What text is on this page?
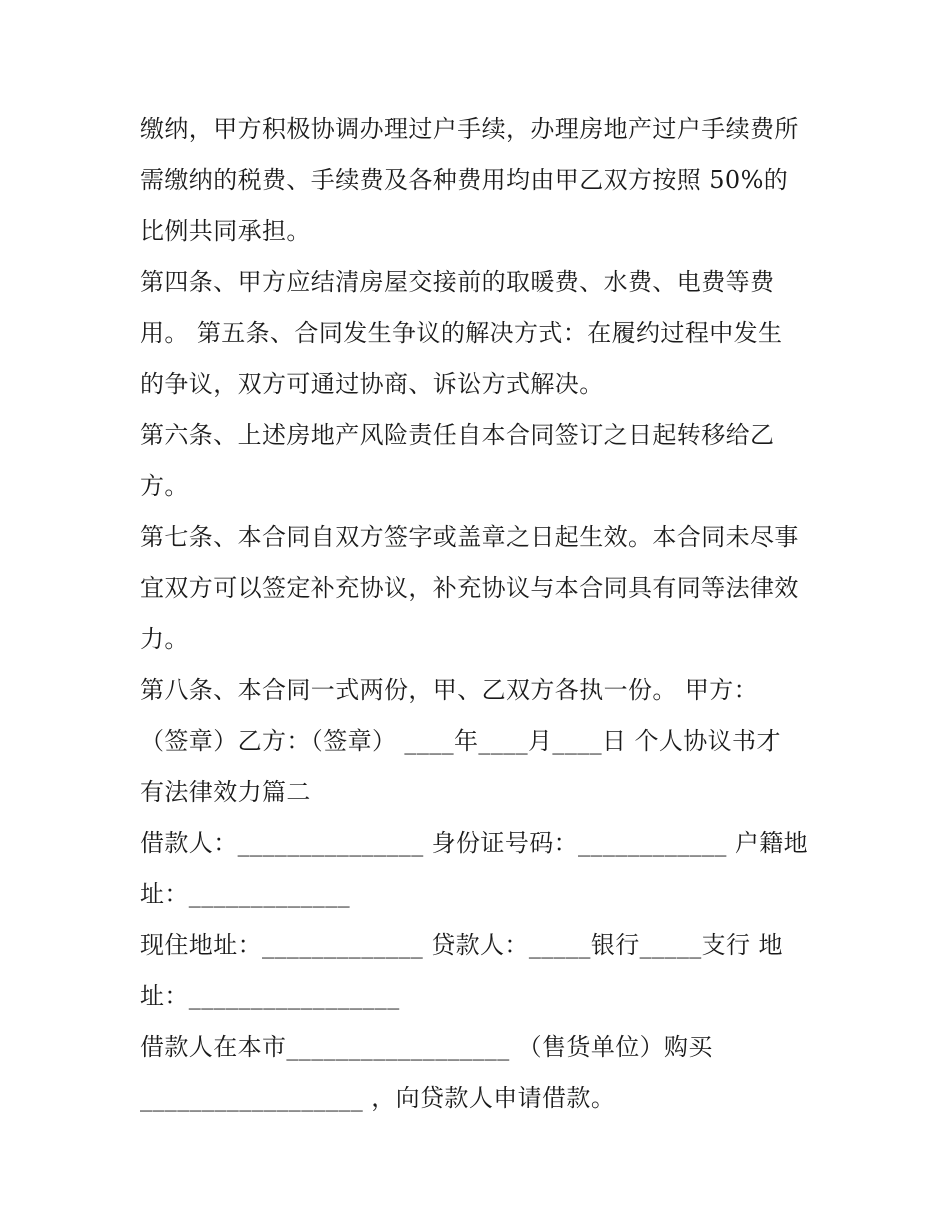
缴纳，甲方积极协调办理过户手续，办理房地产过户手续费所
需缴纳的税费、手续费及各种费用均由甲乙双方按照 50%的
比例共同承担。
第四条、甲方应结清房屋交接前的取暖费、水费、电费等费
用。 第五条、合同发生争议的解决方式：在履约过程中发生
的争议，双方可通过协商、诉讼方式解决。
第六条、上述房地产风险责任自本合同签订之日起转移给乙
方。
第七条、本合同自双方签字或盖章之日起生效。本合同未尽事
宜双方可以签定补充协议，补充协议与本合同具有同等法律效
力。
第八条、本合同一式两份，甲、乙双方各执一份。 甲方：
（签章）乙方：（签章） ____年____月____日 个人协议书才
有法律效力篇二
借款人：_______________ 身份证号码：____________ 户籍地
址：_____________
现住地址：_____________ 贷款人：_____银行_____支行 地
址：_________________
借款人在本市__________________ （售货单位）购买
__________________ ，向贷款人申请借款。
